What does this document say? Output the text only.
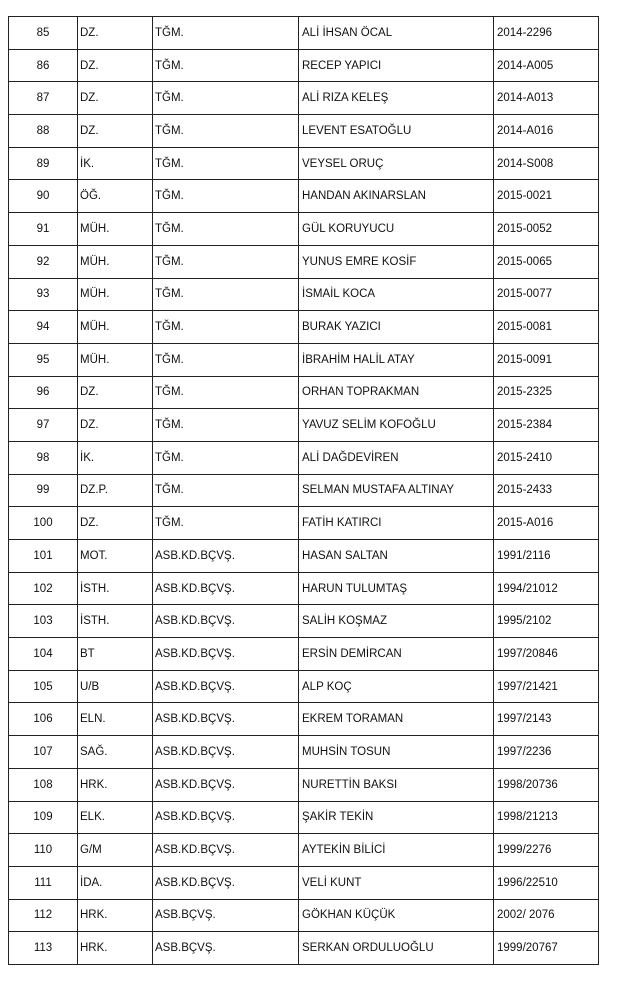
85	DZ.	TĞM.	ALİ İHSAN ÖCAL	2014-2296
86	DZ.	TĞM.	RECEP YAPICI	2014-A005
87	DZ.	TĞM.	ALİ RIZA KELEŞ	2014-A013
88	DZ.	TĞM.	LEVENT ESATOĞLU	2014-A016
89	İK.	TĞM.	VEYSEL ORUÇ	2014-S008
90	ÖĞ.	TĞM.	HANDAN AKINARSLAN	2015-0021
91	MÜH.	TĞM.	GÜL KORUYUCU	2015-0052
92	MÜH.	TĞM.	YUNUS EMRE KOSİF	2015-0065
93	MÜH.	TĞM.	İSMAİL KOCA	2015-0077
94	MÜH.	TĞM.	BURAK YAZICI	2015-0081
95	MÜH.	TĞM.	İBRAHİM HALİL ATAY	2015-0091
96	DZ.	TĞM.	ORHAN TOPRAKMAN	2015-2325
97	DZ.	TĞM.	YAVUZ SELİM KOFOĞLU	2015-2384
98	İK.	TĞM.	ALİ DAĞDEVİREN	2015-2410
99	DZ.P.	TĞM.	SELMAN MUSTAFA ALTINAY	2015-2433
100	DZ.	TĞM.	FATİH KATIRCI	2015-A016
101	MOT.	ASB.KD.BÇVŞ.	HASAN SALTAN	1991/2116
102	İSTH.	ASB.KD.BÇVŞ.	HARUN TULUMTAŞ	1994/21012
103	İSTH.	ASB.KD.BÇVŞ.	SALİH KOŞMAZ	1995/2102
104	BT	ASB.KD.BÇVŞ.	ERSİN DEMİRCAN	1997/20846
105	U/B	ASB.KD.BÇVŞ.	ALP KOÇ	1997/21421
106	ELN.	ASB.KD.BÇVŞ.	EKREM TORAMAN	1997/2143
107	SAĞ.	ASB.KD.BÇVŞ.	MUHSİN TOSUN	1997/2236
108	HRK.	ASB.KD.BÇVŞ.	NURETTİN BAKSI	1998/20736
109	ELK.	ASB.KD.BÇVŞ.	ŞAKİR TEKİN	1998/21213
110	G/M	ASB.KD.BÇVŞ.	AYTEKİN BİLİCİ	1999/2276
111	İDA.	ASB.KD.BÇVŞ.	VELİ KUNT	1996/22510
112	HRK.	ASB.BÇVŞ.	GÖKHAN KÜÇÜK	2002/ 2076
113	HRK.	ASB.BÇVŞ.	SERKAN ORDULUOĞLU	1999/20767
